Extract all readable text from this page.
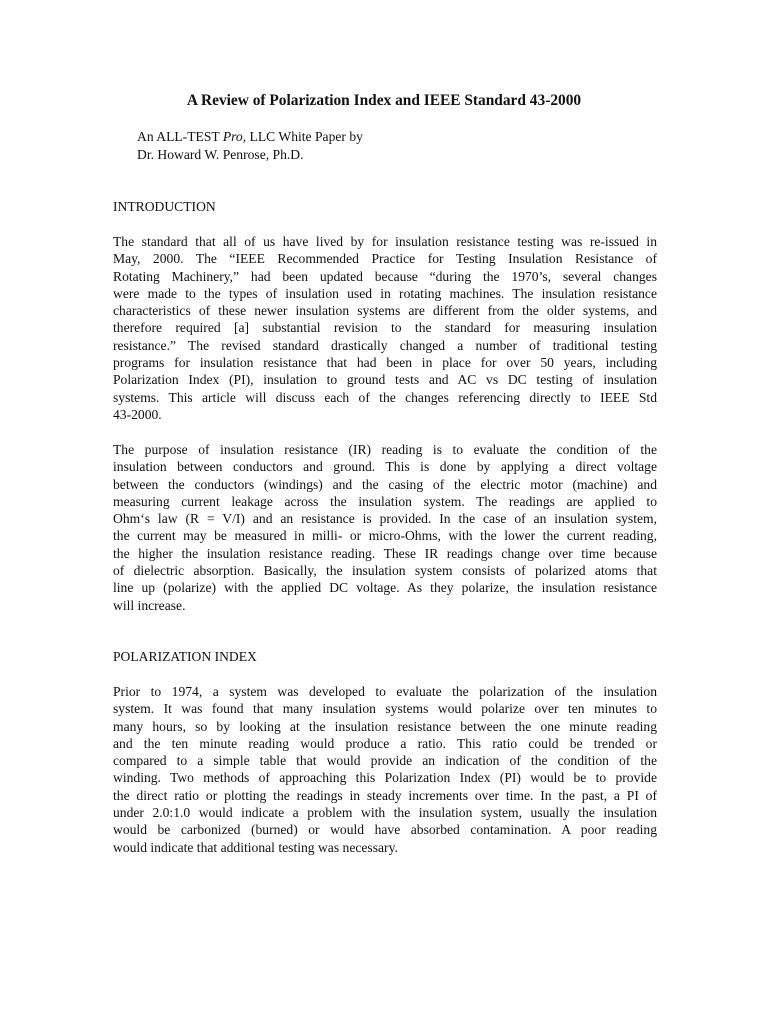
A Review of Polarization Index and IEEE Standard 43-2000
An ALL-TEST Pro, LLC White Paper by
Dr. Howard W. Penrose, Ph.D.
INTRODUCTION

The standard that all of us have lived by for insulation resistance testing was re-issued in
May, 2000. The “IEEE Recommended Practice for Testing Insulation Resistance of
Rotating Machinery,” had been updated because “during the 1970’s, several changes
were made to the types of insulation used in rotating machines. The insulation resistance
characteristics of these newer insulation systems are different from the older systems, and
therefore required [a] substantial revision to the standard for measuring insulation
resistance.” The revised standard drastically changed a number of traditional testing
programs for insulation resistance that had been in place for over 50 years, including
Polarization Index (PI), insulation to ground tests and AC vs DC testing of insulation
systems. This article will discuss each of the changes referencing directly to IEEE Std
43-2000.

The purpose of insulation resistance (IR) reading is to evaluate the condition of the
insulation between conductors and ground. This is done by applying a direct voltage
between the conductors (windings) and the casing of the electric motor (machine) and
measuring current leakage across the insulation system. The readings are applied to
Ohm‘s law (R = V/I) and an resistance is provided. In the case of an insulation system,
the current may be measured in milli- or micro-Ohms, with the lower the current reading,
the higher the insulation resistance reading. These IR readings change over time because
of dielectric absorption. Basically, the insulation system consists of polarized atoms that
line up (polarize) with the applied DC voltage. As they polarize, the insulation resistance
will increase.

POLARIZATION INDEX

Prior to 1974, a system was developed to evaluate the polarization of the insulation
system. It was found that many insulation systems would polarize over ten minutes to
many hours, so by looking at the insulation resistance between the one minute reading
and the ten minute reading would produce a ratio. This ratio could be trended or
compared to a simple table that would provide an indication of the condition of the
winding. Two methods of approaching this Polarization Index (PI) would be to provide
the direct ratio or plotting the readings in steady increments over time. In the past, a PI of
under 2.0:1.0 would indicate a problem with the insulation system, usually the insulation
would be carbonized (burned) or would have absorbed contamination. A poor reading
would indicate that additional testing was necessary.
